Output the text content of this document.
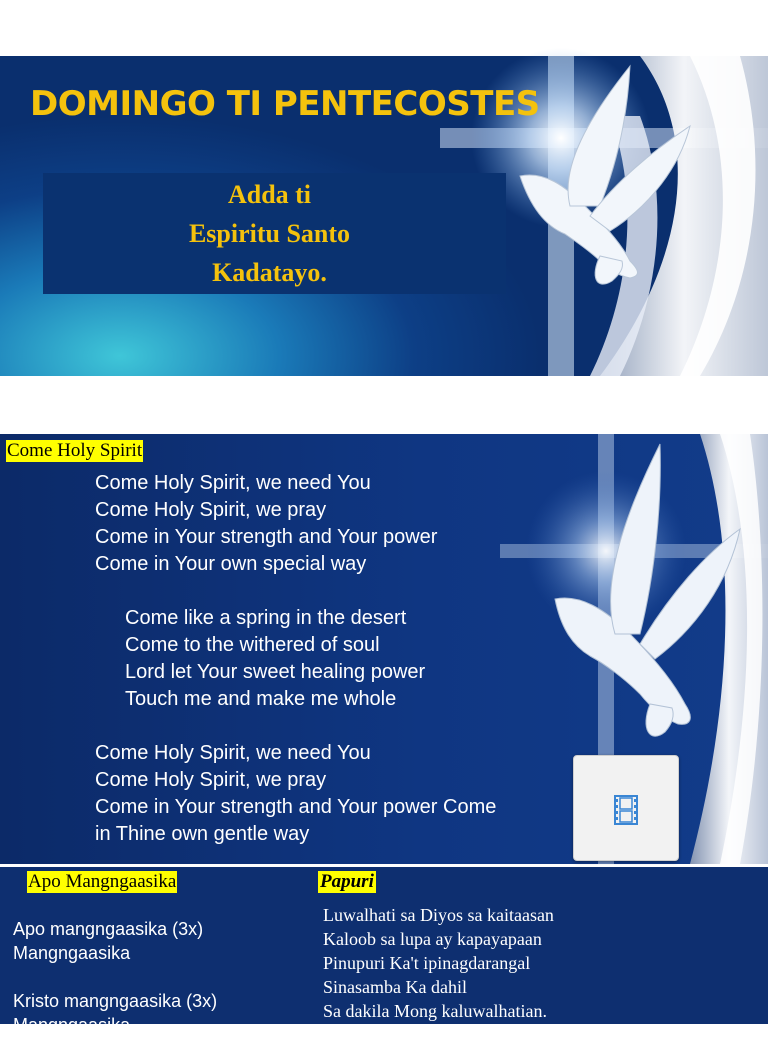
DOMINGO TI PENTECOSTES
Adda ti
Espiritu Santo
Kadatayo.
Come Holy Spirit
Come Holy Spirit, we need You
Come Holy Spirit, we pray
Come in Your strength and Your power
Come in Your own special way
Come like a spring in the desert
Come to the withered of soul
Lord let Your sweet healing power
Touch me and make me whole
Come Holy Spirit, we need You
Come Holy Spirit, we pray
Come in Your strength and Your power Come
in Thine own gentle way
Apo Mangngaasika	Papuri
Apo mangngaasika (3x)
Mangngaasika
Kristo mangngaasika (3x)
Mangngaasika
Luwalhati sa Diyos sa kaitaasan
Kaloob sa lupa ay kapayapaan
Pinupuri Ka't ipinagdarangal
Sinasamba Ka dahil
Sa dakila Mong kaluwalhatian.
